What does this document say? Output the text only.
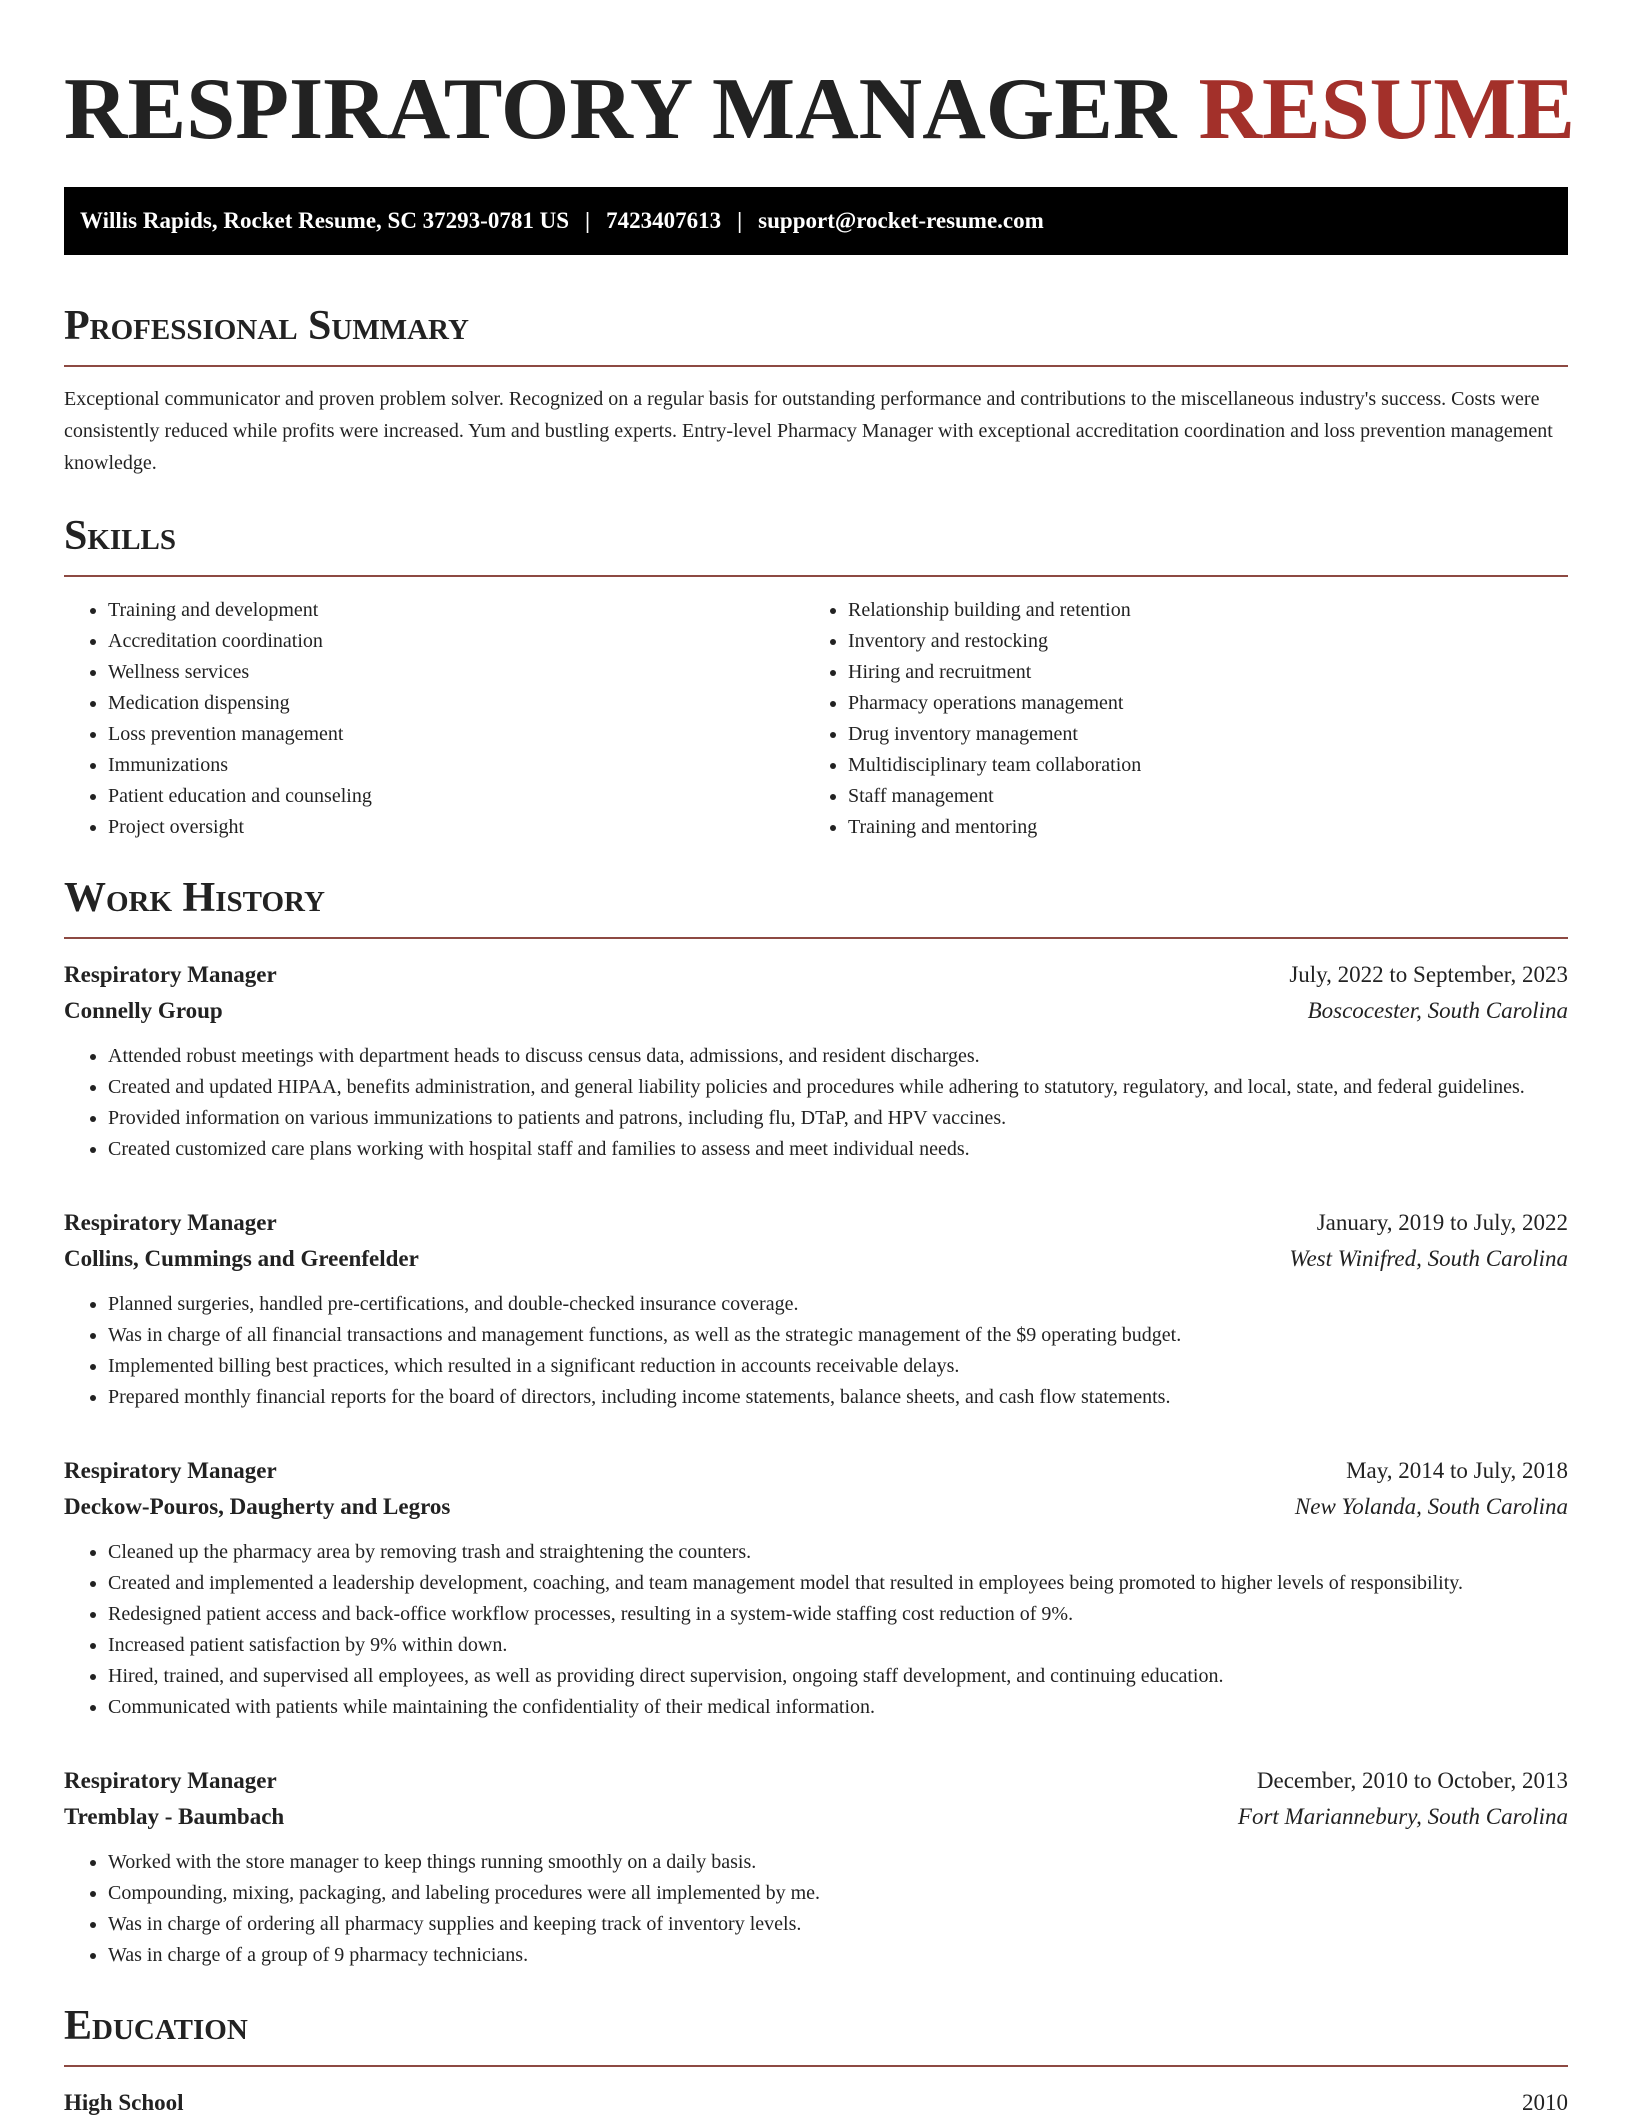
RESPIRATORY MANAGER RESUME
Willis Rapids, Rocket Resume, SC 37293-0781 US | 7423407613 | support@rocket-resume.com
Professional Summary

Exceptional communicator and proven problem solver. Recognized on a regular basis for outstanding performance and contributions to the miscellaneous industry's success. Costs were consistently reduced while profits were increased. Yum and bustling experts. Entry-level Pharmacy Manager with exceptional accreditation coordination and loss prevention management knowledge.

Skills
• Training and development
• Accreditation coordination
• Wellness services
• Medication dispensing
• Loss prevention management
• Immunizations
• Patient education and counseling
• Project oversight
• Relationship building and retention
• Inventory and restocking
• Hiring and recruitment
• Pharmacy operations management
• Drug inventory management
• Multidisciplinary team collaboration
• Staff management
• Training and mentoring
Work History
Respiratory Manager	July, 2022 to September, 2023
Connelly Group	Boscocester, South Carolina
• Attended robust meetings with department heads to discuss census data, admissions, and resident discharges.
• Created and updated HIPAA, benefits administration, and general liability policies and procedures while adhering to statutory, regulatory, and local, state, and federal guidelines.
• Provided information on various immunizations to patients and patrons, including flu, DTaP, and HPV vaccines.
• Created customized care plans working with hospital staff and families to assess and meet individual needs.
Respiratory Manager	January, 2019 to July, 2022
Collins, Cummings and Greenfelder	West Winifred, South Carolina
• Planned surgeries, handled pre-certifications, and double-checked insurance coverage.
• Was in charge of all financial transactions and management functions, as well as the strategic management of the $9 operating budget.
• Implemented billing best practices, which resulted in a significant reduction in accounts receivable delays.
• Prepared monthly financial reports for the board of directors, including income statements, balance sheets, and cash flow statements.
Respiratory Manager	May, 2014 to July, 2018
Deckow-Pouros, Daugherty and Legros	New Yolanda, South Carolina
• Cleaned up the pharmacy area by removing trash and straightening the counters.
• Created and implemented a leadership development, coaching, and team management model that resulted in employees being promoted to higher levels of responsibility.
• Redesigned patient access and back-office workflow processes, resulting in a system-wide staffing cost reduction of 9%.
• Increased patient satisfaction by 9% within down.
• Hired, trained, and supervised all employees, as well as providing direct supervision, ongoing staff development, and continuing education.
• Communicated with patients while maintaining the confidentiality of their medical information.
Respiratory Manager	December, 2010 to October, 2013
Tremblay - Baumbach	Fort Mariannebury, South Carolina
• Worked with the store manager to keep things running smoothly on a daily basis.
• Compounding, mixing, packaging, and labeling procedures were all implemented by me.
• Was in charge of ordering all pharmacy supplies and keeping track of inventory levels.
• Was in charge of a group of 9 pharmacy technicians.
Education
High School	2010
